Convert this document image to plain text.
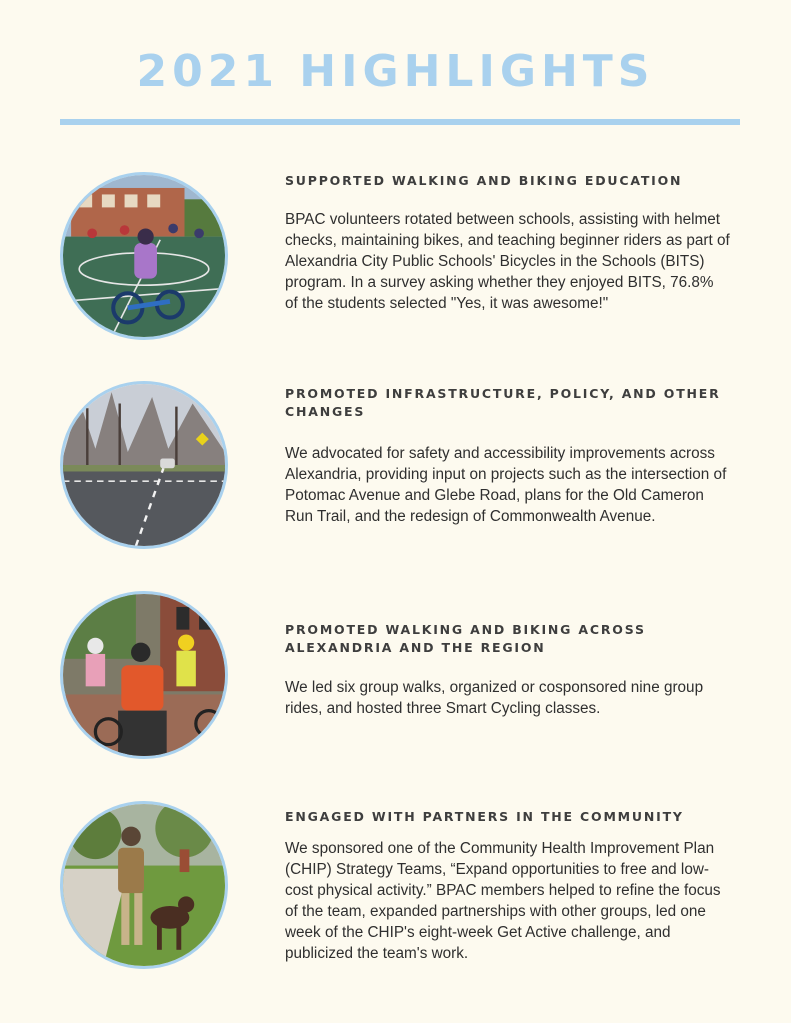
2021 HIGHLIGHTS
SUPPORTED WALKING AND BIKING EDUCATION
BPAC volunteers rotated between schools, assisting with helmet checks, maintaining bikes, and teaching beginner riders as part of Alexandria City Public Schools' Bicycles in the Schools (BITS) program. In a survey asking whether they enjoyed BITS, 76.8% of the students selected "Yes, it was awesome!"
PROMOTED INFRASTRUCTURE, POLICY, AND OTHER CHANGES
We advocated for safety and accessibility improvements across Alexandria, providing input on projects such as the intersection of Potomac Avenue and Glebe Road, plans for the Old Cameron Run Trail, and the redesign of Commonwealth Avenue.
PROMOTED WALKING AND BIKING ACROSS ALEXANDRIA AND THE REGION
We led six group walks, organized or cosponsored nine group rides, and hosted three Smart Cycling classes.
ENGAGED WITH PARTNERS IN THE COMMUNITY
We sponsored one of the Community Health Improvement Plan (CHIP) Strategy Teams, “Expand opportunities to free and low-cost physical activity.” BPAC members helped to refine the focus of the team, expanded partnerships with other groups, led one week of the CHIP's eight-week Get Active challenge, and publicized the team's work.
